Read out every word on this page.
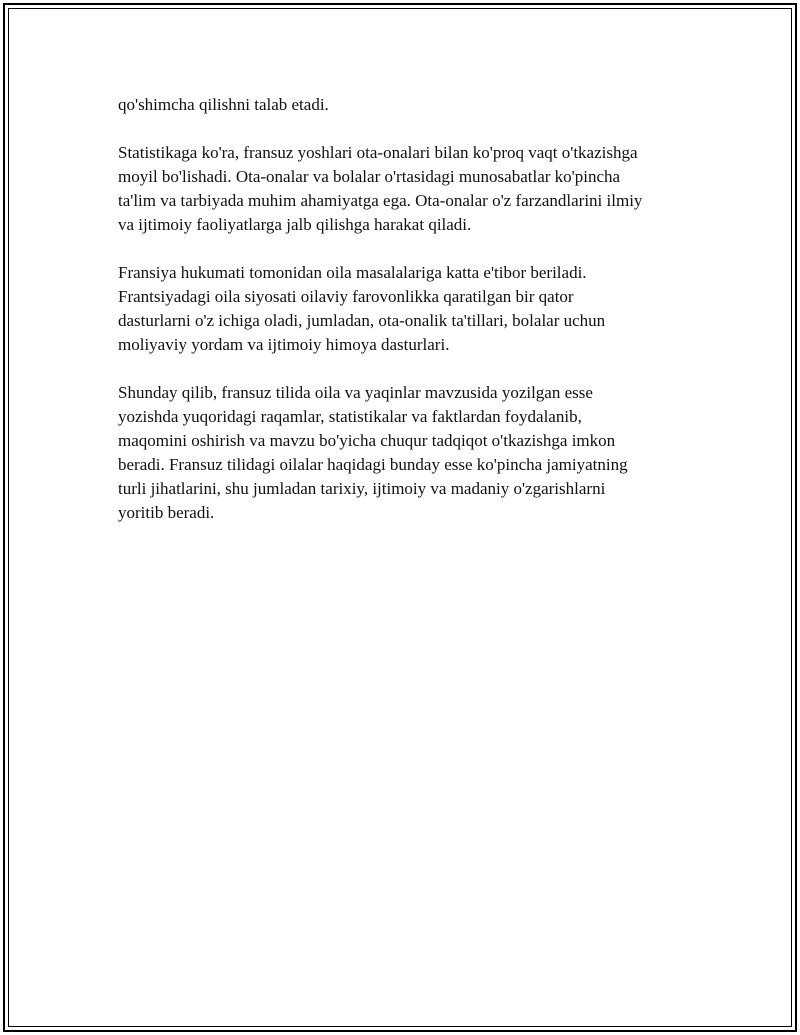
qo'shimcha qilishni talab etadi.

Statistikaga ko'ra, fransuz yoshlari ota-onalari bilan ko'proq vaqt o'tkazishga
moyil bo'lishadi. Ota-onalar va bolalar o'rtasidagi munosabatlar ko'pincha
ta'lim va tarbiyada muhim ahamiyatga ega. Ota-onalar o'z farzandlarini ilmiy
va ijtimoiy faoliyatlarga jalb qilishga harakat qiladi.

Fransiya hukumati tomonidan oila masalalariga katta e'tibor beriladi.
Frantsiyadagi oila siyosati oilaviy farovonlikka qaratilgan bir qator
dasturlarni o'z ichiga oladi, jumladan, ota-onalik ta'tillari, bolalar uchun
moliyaviy yordam va ijtimoiy himoya dasturlari.

Shunday qilib, fransuz tilida oila va yaqinlar mavzusida yozilgan esse
yozishda yuqoridagi raqamlar, statistikalar va faktlardan foydalanib,
maqomini oshirish va mavzu bo'yicha chuqur tadqiqot o'tkazishga imkon
beradi. Fransuz tilidagi oilalar haqidagi bunday esse ko'pincha jamiyatning
turli jihatlarini, shu jumladan tarixiy, ijtimoiy va madaniy o'zgarishlarni
yoritib beradi.
